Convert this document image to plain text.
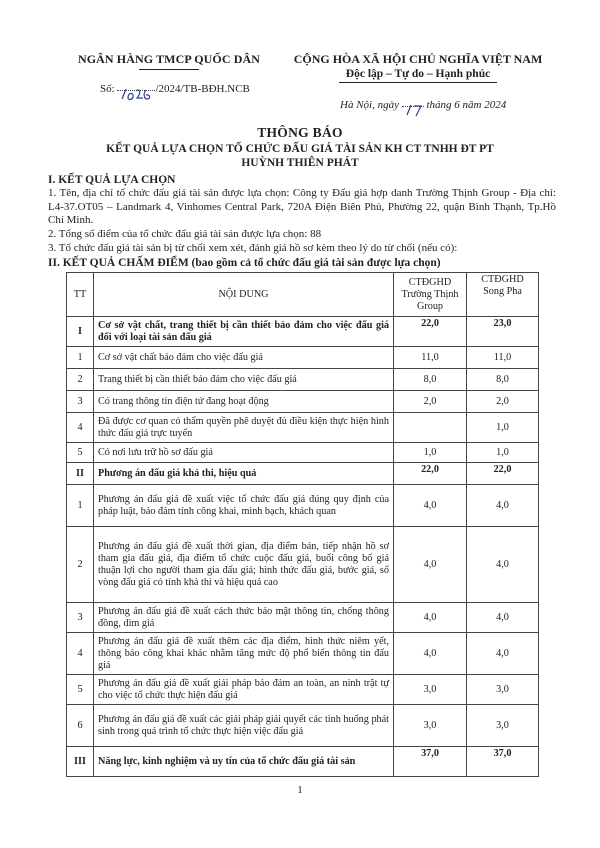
NGÂN HÀNG TMCP QUỐC DÂN	CỘNG HÒA XÃ HỘI CHỦ NGHĨA VIỆT NAM
Độc lập – Tự do – Hạnh phúc
Số:	/2024/TB-BĐH.NCB
Hà Nội, ngày
tháng 6 năm 2024
THÔNG BÁO
KẾT QUẢ LỰA CHỌN TỔ CHỨC ĐẤU GIÁ TÀI SẢN KH CT TNHH ĐT PT
HUỲNH THIÊN PHÁT
I. KẾT QUẢ LỰA CHỌN
1. Tên, địa chỉ tổ chức đấu giá tài sản được lựa chọn: Công ty Đấu giá hợp danh Trường Thịnh Group - Địa chỉ: L4-37.OT05 – Landmark 4, Vinhomes Central Park, 720A Điện Biên Phủ, Phường 22, quận Bình Thạnh, Tp.Hồ Chí Minh.
2. Tổng số điểm của tổ chức đấu giá tài sản được lựa chọn: 88
3. Tổ chức đấu giá tài sản bị từ chối xem xét, đánh giá hồ sơ kèm theo lý do từ chối (nếu có):
II. KẾT QUẢ CHẤM ĐIỂM (bao gồm cả tổ chức đấu giá tài sản được lựa chọn)
TT	NỘI DUNG	CTĐGHD Trường Thịnh Group	CTĐGHD Song Pha
I	Cơ sở vật chất, trang thiết bị cần thiết bảo đảm cho việc đấu giá đối với loại tài sản đấu giá	22,0	23,0
1	Cơ sở vật chất bảo đảm cho việc đấu giá	11,0	11,0
2	Trang thiết bị cần thiết bảo đảm cho việc đấu giá	8,0	8,0
3	Có trang thông tin điện tử đang hoạt động	2,0	2,0
4	Đã được cơ quan có thẩm quyền phê duyệt đủ điều kiện thực hiện hình thức đấu giá trực tuyến		1,0
5	Có nơi lưu trữ hồ sơ đấu giá	1,0	1,0
II	Phương án đấu giá khả thi, hiệu quả	22,0	22,0
1	Phương án đấu giá đề xuất việc tổ chức đấu giá đúng quy định của pháp luật, bảo đảm tính công khai, minh bạch, khách quan	4,0	4,0
2	Phương án đấu giá đề xuất thời gian, địa điểm bán, tiếp nhận hồ sơ tham gia đấu giá, địa điểm tổ chức cuộc đấu giá, buổi công bố giá thuận lợi cho người tham gia đấu giá; hình thức đấu giá, bước giá, số vòng đấu giá có tính khả thi và hiệu quả cao	4,0	4,0
3	Phương án đấu giá đề xuất cách thức bảo mật thông tin, chống thông đồng, dìm giá	4,0	4,0
4	Phương án đấu giá đề xuất thêm các địa điểm, hình thức niêm yết, thông báo công khai khác nhằm tăng mức độ phổ biến thông tin đấu giá	4,0	4,0
5	Phương án đấu giá đề xuất giải pháp bảo đảm an toàn, an ninh trật tự cho việc tổ chức thực hiện đấu giá	3,0	3,0
6	Phương án đấu giá đề xuất các giải pháp giải quyết các tình huống phát sinh trong quá trình tổ chức thực hiện việc đấu giá	3,0	3,0
III	Năng lực, kinh nghiệm và uy tín của tổ chức đấu giá tài sản	37,0	37,0
1
